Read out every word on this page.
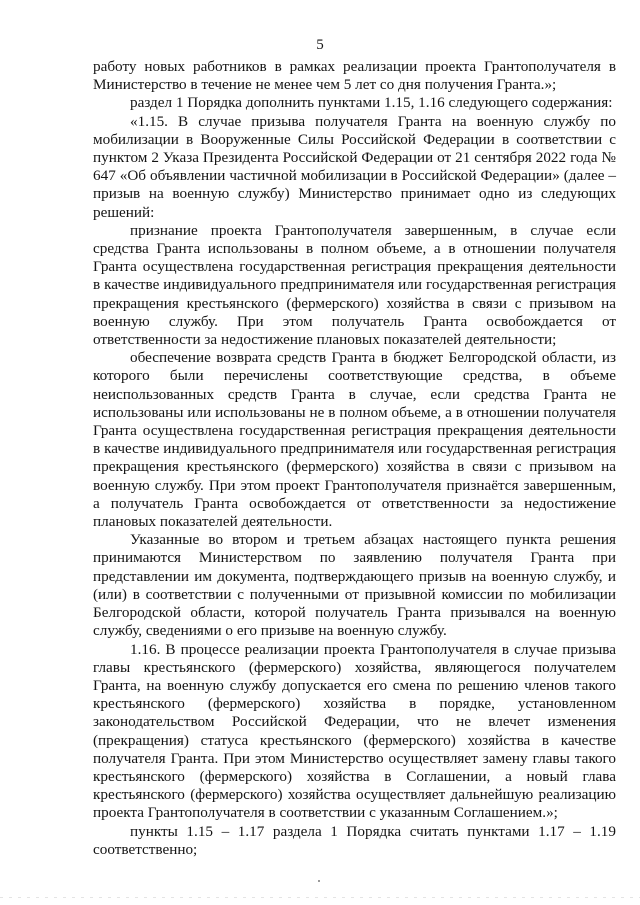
5

работу новых работников в рамках реализации проекта Грантополучателя в Министерство в течение не менее чем 5 лет со дня получения Гранта.»;

раздел 1 Порядка дополнить пунктами 1.15, 1.16 следующего содержания:

«1.15. В случае призыва получателя Гранта на военную службу по мобилизации в Вооруженные Силы Российской Федерации в соответствии с пунктом 2 Указа Президента Российской Федерации от 21 сентября 2022 года № 647 «Об объявлении частичной мобилизации в Российской Федерации» (далее – призыв на военную службу) Министерство принимает одно из следующих решений:

признание проекта Грантополучателя завершенным, в случае если средства Гранта использованы в полном объеме, а в отношении получателя Гранта осуществлена государственная регистрация прекращения деятельности в качестве индивидуального предпринимателя или государственная регистрация прекращения крестьянского (фермерского) хозяйства в связи с призывом на военную службу. При этом получатель Гранта освобождается от ответственности за недостижение плановых показателей деятельности;

обеспечение возврата средств Гранта в бюджет Белгородской области, из которого были перечислены соответствующие средства, в объеме неиспользованных средств Гранта в случае, если средства Гранта не использованы или использованы не в полном объеме, а в отношении получателя Гранта осуществлена государственная регистрация прекращения деятельности в качестве индивидуального предпринимателя или государственная регистрация прекращения крестьянского (фермерского) хозяйства в связи с призывом на военную службу. При этом проект Грантополучателя признаётся завершенным, а получатель Гранта освобождается от ответственности за недостижение плановых показателей деятельности.

Указанные во втором и третьем абзацах настоящего пункта решения принимаются Министерством по заявлению получателя Гранта при представлении им документа, подтверждающего призыв на военную службу, и (или) в соответствии с полученными от призывной комиссии по мобилизации Белгородской области, которой получатель Гранта призывался на военную службу, сведениями о его призыве на военную службу.

1.16. В процессе реализации проекта Грантополучателя в случае призыва главы крестьянского (фермерского) хозяйства, являющегося получателем Гранта, на военную службу допускается его смена по решению членов такого крестьянского (фермерского) хозяйства в порядке, установленном законодательством Российской Федерации, что не влечет изменения (прекращения) статуса крестьянского (фермерского) хозяйства в качестве получателя Гранта. При этом Министерство осуществляет замену главы такого крестьянского (фермерского) хозяйства в Соглашении, а новый глава крестьянского (фермерского) хозяйства осуществляет дальнейшую реализацию проекта Грантополучателя в соответствии с указанным Соглашением.»;

пункты 1.15 – 1.17 раздела 1 Порядка считать пунктами 1.17 – 1.19 соответственно;
